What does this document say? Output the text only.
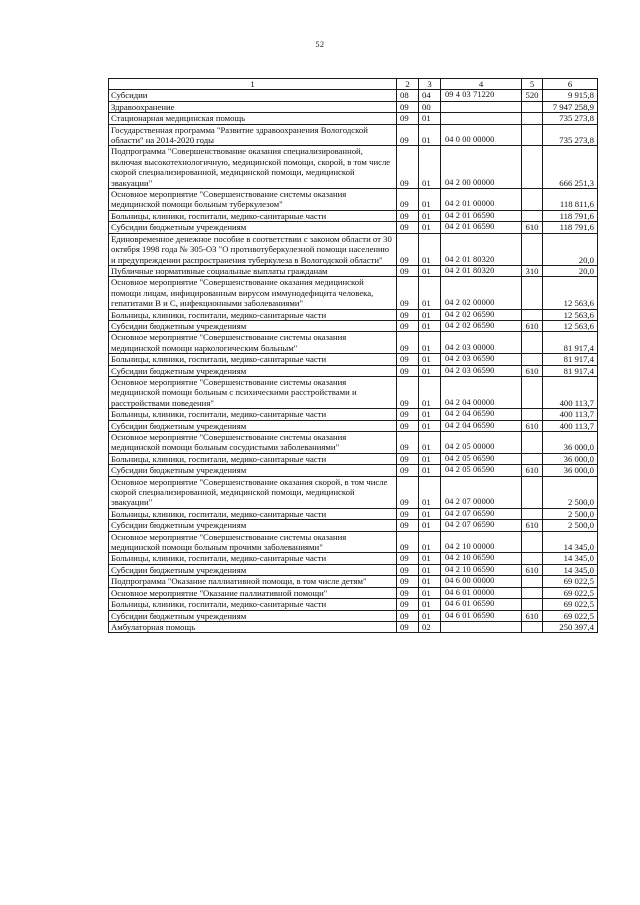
52
1	2	3	4	5	6
Субсидии	08	04	09 4 03 71220	520	9 915,8
Здравоохранение	09	00			7 947 258,9
Стационарная медицинская помощь	09	01			735 273,8
Государственная программа "Развитие здравоохранения Вологодской области" на 2014-2020 годы	09	01	04 0 00 00000		735 273,8
Подпрограмма "Совершенствование оказания специализированной, включая высокотехнологичную, медицинской помощи, скорой, в том числе скорой специализированной, медицинской помощи, медицинской эвакуации"	09	01	04 2 00 00000		666 251,3
Основное мероприятие "Совершенствование системы оказания медицинской помощи больным туберкулезом"	09	01	04 2 01 00000		118 811,6
Больницы, клиники, госпитали, медико-санитарные части	09	01	04 2 01 06590		118 791,6
Субсидии бюджетным учреждениям	09	01	04 2 01 06590	610	118 791,6
Единовременное денежное пособие в соответствии с законом области от 30 октября 1998 года № 305-ОЗ "О противотуберкулезной помощи населению и предупреждении распространения туберкулеза в Вологодской области"	09	01	04 2 01 80320		20,0
Публичные нормативные социальные выплаты гражданам	09	01	04 2 01 80320	310	20,0
Основное мероприятие "Совершенствование оказания медицинской помощи лицам, инфицированным вирусом иммунодефицита человека, гепатитами В и С, инфекционными заболеваниями"	09	01	04 2 02 00000		12 563,6
Больницы, клиники, госпитали, медико-санитарные части	09	01	04 2 02 06590		12 563,6
Субсидии бюджетным учреждениям	09	01	04 2 02 06590	610	12 563,6
Основное мероприятие "Совершенствование системы оказания медицинской помощи наркологическим больным"	09	01	04 2 03 00000		81 917,4
Больницы, клиники, госпитали, медико-санитарные части	09	01	04 2 03 06590		81 917,4
Субсидии бюджетным учреждениям	09	01	04 2 03 06590	610	81 917,4
Основное мероприятие "Совершенствование системы оказания медицинской помощи больным с психическими расстройствами и расстройствами поведения"	09	01	04 2 04 00000		400 113,7
Больницы, клиники, госпитали, медико-санитарные части	09	01	04 2 04 06590		400 113,7
Субсидии бюджетным учреждениям	09	01	04 2 04 06590	610	400 113,7
Основное мероприятие "Совершенствование системы оказания медицинской помощи больным сосудистыми заболеваниями"	09	01	04 2 05 00000		36 000,0
Больницы, клиники, госпитали, медико-санитарные части	09	01	04 2 05 06590		36 000,0
Субсидии бюджетным учреждениям	09	01	04 2 05 06590	610	36 000,0
Основное мероприятие "Совершенствование оказания скорой, в том числе скорой специализированной, медицинской помощи, медицинской эвакуации"	09	01	04 2 07 00000		2 500,0
Больницы, клиники, госпитали, медико-санитарные части	09	01	04 2 07 06590		2 500,0
Субсидии бюджетным учреждениям	09	01	04 2 07 06590	610	2 500,0
Основное мероприятие "Совершенствование системы оказания медицинской помощи больным прочими заболеваниями"	09	01	04 2 10 00000		14 345,0
Больницы, клиники, госпитали, медико-санитарные части	09	01	04 2 10 06590		14 345,0
Субсидии бюджетным учреждениям	09	01	04 2 10 06590	610	14 345,0
Подпрограмма "Оказание паллиативной помощи, в том числе детям"	09	01	04 6 00 00000		69 022,5
Основное мероприятие "Оказание паллиативной помощи"	09	01	04 6 01 00000		69 022,5
Больницы, клиники, госпитали, медико-санитарные части	09	01	04 6 01 06590		69 022,5
Субсидии бюджетным учреждениям	09	01	04 6 01 06590	610	69 022,5
Амбулаторная помощь	09	02			250 397,4
